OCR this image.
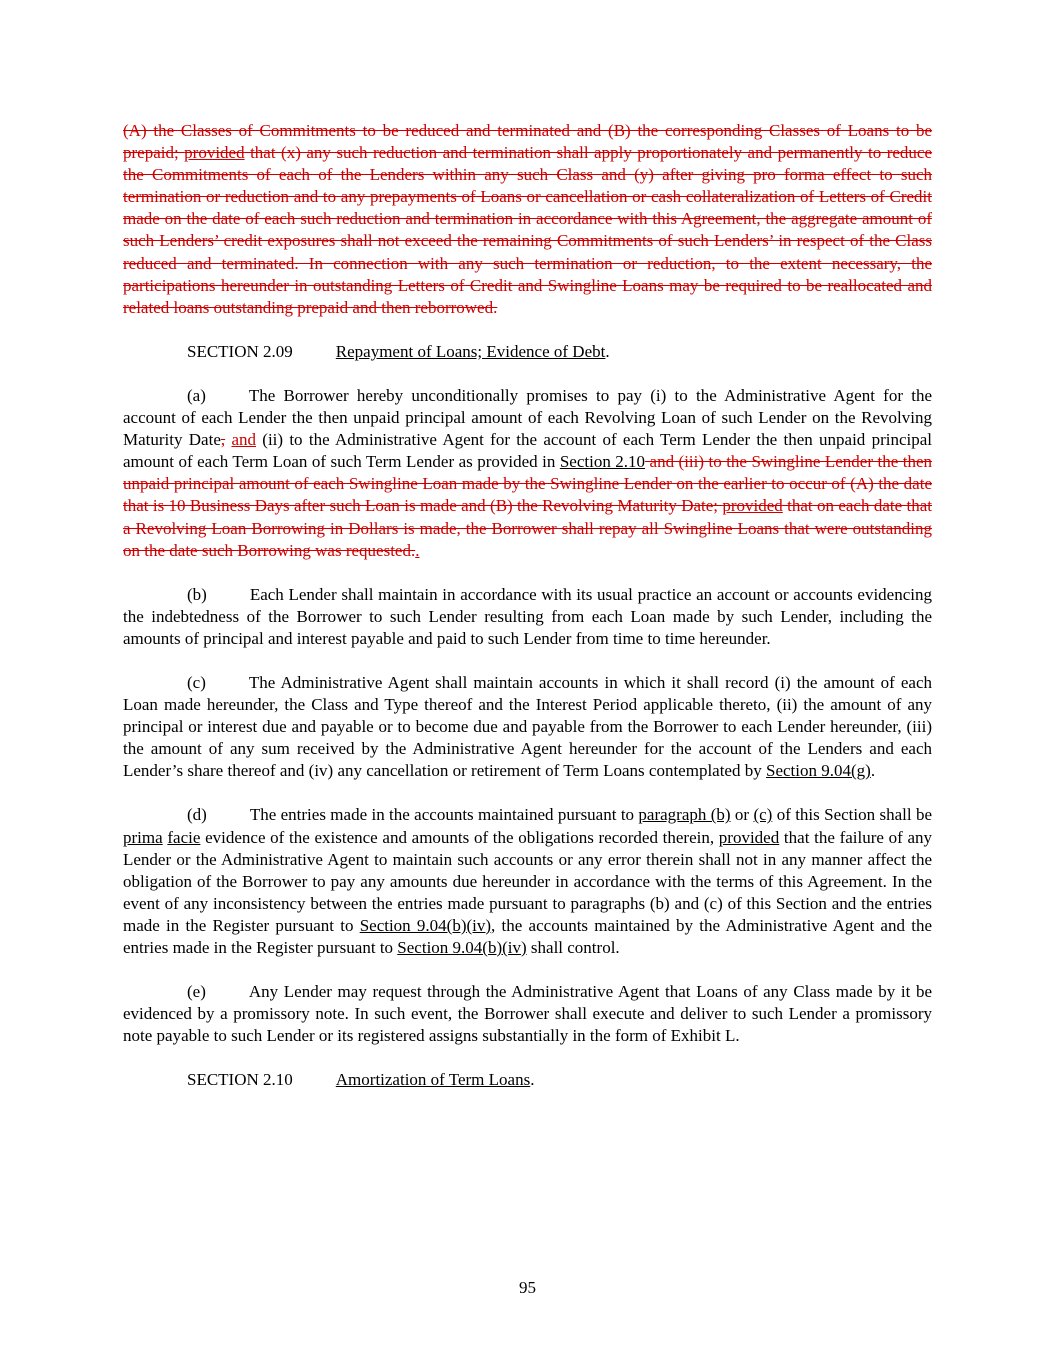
(A) the Classes of Commitments to be reduced and terminated and (B) the corresponding Classes of Loans to be prepaid; provided that (x) any such reduction and termination shall apply proportionately and permanently to reduce the Commitments of each of the Lenders within any such Class and (y) after giving pro forma effect to such termination or reduction and to any prepayments of Loans or cancellation or cash collateralization of Letters of Credit made on the date of each such reduction and termination in accordance with this Agreement, the aggregate amount of such Lenders’ credit exposures shall not exceed the remaining Commitments of such Lenders’ in respect of the Class reduced and terminated. In connection with any such termination or reduction, to the extent necessary, the participations hereunder in outstanding Letters of Credit and Swingline Loans may be required to be reallocated and related loans outstanding prepaid and then reborrowed.

SECTION 2.09	Repayment of Loans; Evidence of Debt.

(a)	The Borrower hereby unconditionally promises to pay (i) to the Administrative Agent for the account of each Lender the then unpaid principal amount of each Revolving Loan of such Lender on the Revolving Maturity Date, and (ii) to the Administrative Agent for the account of each Term Lender the then unpaid principal amount of each Term Loan of such Term Lender as provided in Section 2.10 and (iii) to the Swingline Lender the then unpaid principal amount of each Swingline Loan made by the Swingline Lender on the earlier to occur of (A) the date that is 10 Business Days after such Loan is made and (B) the Revolving Maturity Date; provided that on each date that a Revolving Loan Borrowing in Dollars is made, the Borrower shall repay all Swingline Loans that were outstanding on the date such Borrowing was requested..

(b)	Each Lender shall maintain in accordance with its usual practice an account or accounts evidencing the indebtedness of the Borrower to such Lender resulting from each Loan made by such Lender, including the amounts of principal and interest payable and paid to such Lender from time to time hereunder.

(c)	The Administrative Agent shall maintain accounts in which it shall record (i) the amount of each Loan made hereunder, the Class and Type thereof and the Interest Period applicable thereto, (ii) the amount of any principal or interest due and payable or to become due and payable from the Borrower to each Lender hereunder, (iii) the amount of any sum received by the Administrative Agent hereunder for the account of the Lenders and each Lender’s share thereof and (iv) any cancellation or retirement of Term Loans contemplated by Section 9.04(g).

(d)	The entries made in the accounts maintained pursuant to paragraph (b) or (c) of this Section shall be prima facie evidence of the existence and amounts of the obligations recorded therein, provided that the failure of any Lender or the Administrative Agent to maintain such accounts or any error therein shall not in any manner affect the obligation of the Borrower to pay any amounts due hereunder in accordance with the terms of this Agreement. In the event of any inconsistency between the entries made pursuant to paragraphs (b) and (c) of this Section and the entries made in the Register pursuant to Section 9.04(b)(iv), the accounts maintained by the Administrative Agent and the entries made in the Register pursuant to Section 9.04(b)(iv) shall control.

(e)	Any Lender may request through the Administrative Agent that Loans of any Class made by it be evidenced by a promissory note. In such event, the Borrower shall execute and deliver to such Lender a promissory note payable to such Lender or its registered assigns substantially in the form of Exhibit L.

SECTION 2.10	Amortization of Term Loans.

95
